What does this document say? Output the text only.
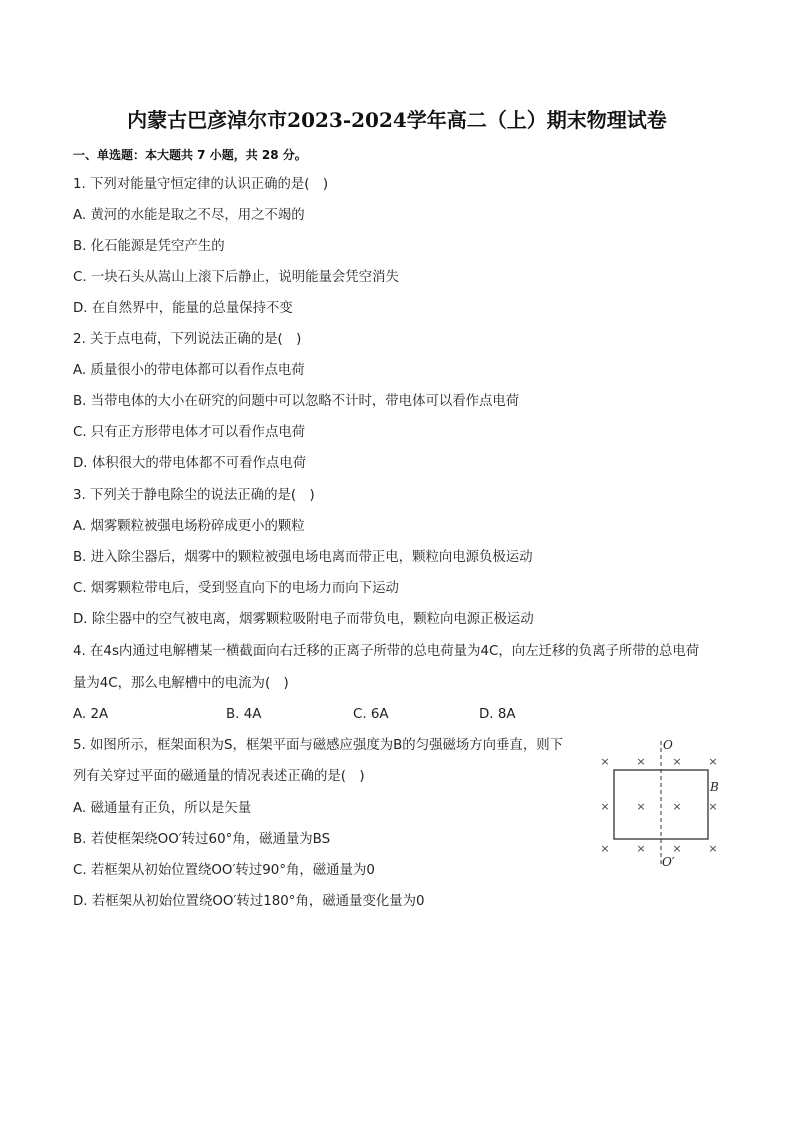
内蒙古巴彦淖尔市2023-2024学年高二（上）期末物理试卷
一、单选题：本大题共 7 小题，共 28 分。
1. 下列对能量守恒定律的认识正确的是(　)
A. 黄河的水能是取之不尽，用之不竭的
B. 化石能源是凭空产生的
C. 一块石头从嵩山上滚下后静止，说明能量会凭空消失
D. 在自然界中，能量的总量保持不变
2. 关于点电荷，下列说法正确的是(　)
A. 质量很小的带电体都可以看作点电荷
B. 当带电体的大小在研究的问题中可以忽略不计时，带电体可以看作点电荷
C. 只有正方形带电体才可以看作点电荷
D. 体积很大的带电体都不可看作点电荷
3. 下列关于静电除尘的说法正确的是(　)
A. 烟雾颗粒被强电场粉碎成更小的颗粒
B. 进入除尘器后，烟雾中的颗粒被强电场电离而带正电，颗粒向电源负极运动
C. 烟雾颗粒带电后，受到竖直向下的电场力而向下运动
D. 除尘器中的空气被电离，烟雾颗粒吸附电子而带负电，颗粒向电源正极运动
4. 在4s内通过电解槽某一横截面向右迁移的正离子所带的总电荷量为4C，向左迁移的负离子所带的总电荷
量为4C，那么电解槽中的电流为(　)
A. 2A	B. 4A	C. 6A	D. 8A
5. 如图所示，框架面积为S，框架平面与磁感应强度为B的匀强磁场方向垂直，则下
列有关穿过平面的磁通量的情况表述正确的是(　)
A. 磁通量有正负，所以是矢量
B. 若使框架绕OO′转过60°角，磁通量为BS
C. 若框架从初始位置绕OO′转过90°角，磁通量为0
D. 若框架从初始位置绕OO′转过180°角，磁通量变化量为0
O
O′
B
× × × ×
× × × ×
× × × ×
